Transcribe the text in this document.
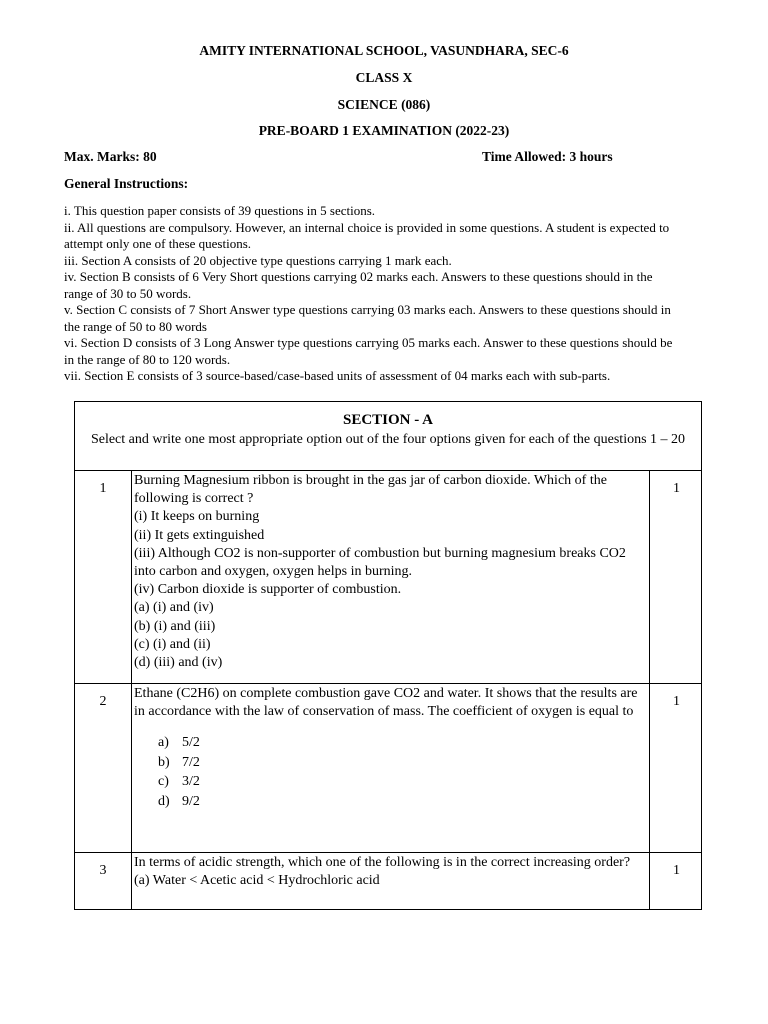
AMITY INTERNATIONAL SCHOOL, VASUNDHARA, SEC-6
CLASS X
SCIENCE (086)
PRE-BOARD 1 EXAMINATION (2022-23)
Max. Marks: 80	Time Allowed: 3 hours
General Instructions:
i. This question paper consists of 39 questions in 5 sections.
ii. All questions are compulsory. However, an internal choice is provided in some questions. A student is expected to attempt only one of these questions.
iii. Section A consists of 20 objective type questions carrying 1 mark each.
iv. Section B consists of 6 Very Short questions carrying 02 marks each. Answers to these questions should in the range of 30 to 50 words.
v. Section C consists of 7 Short Answer type questions carrying 03 marks each. Answers to these questions should in the range of 50 to 80 words
vi. Section D consists of 3 Long Answer type questions carrying 05 marks each. Answer to these questions should be in the range of 80 to 120 words.
vii. Section E consists of 3 source-based/case-based units of assessment of 04 marks each with sub-parts.
SECTION - A
Select and write one most appropriate option out of the four options given for each of the questions 1 – 20
1
Burning Magnesium ribbon is brought in the gas jar of carbon dioxide. Which of the following is correct ?
(i) It keeps on burning
(ii) It gets extinguished
(iii) Although CO2 is non-supporter of combustion but burning magnesium breaks CO2 into carbon and oxygen, oxygen helps in burning.
(iv) Carbon dioxide is supporter of combustion.
(a) (i) and (iv)
(b) (i) and (iii)
(c) (i) and (ii)
(d) (iii) and (iv)
1
2
Ethane (C2H6) on complete combustion gave CO2 and water. It shows that the results are in accordance with the law of conservation of mass. The coefficient of oxygen is equal to
a) 5/2
b) 7/2
c) 3/2
d) 9/2
1
3
In terms of acidic strength, which one of the following is in the correct increasing order?
(a) Water < Acetic acid < Hydrochloric acid
1
